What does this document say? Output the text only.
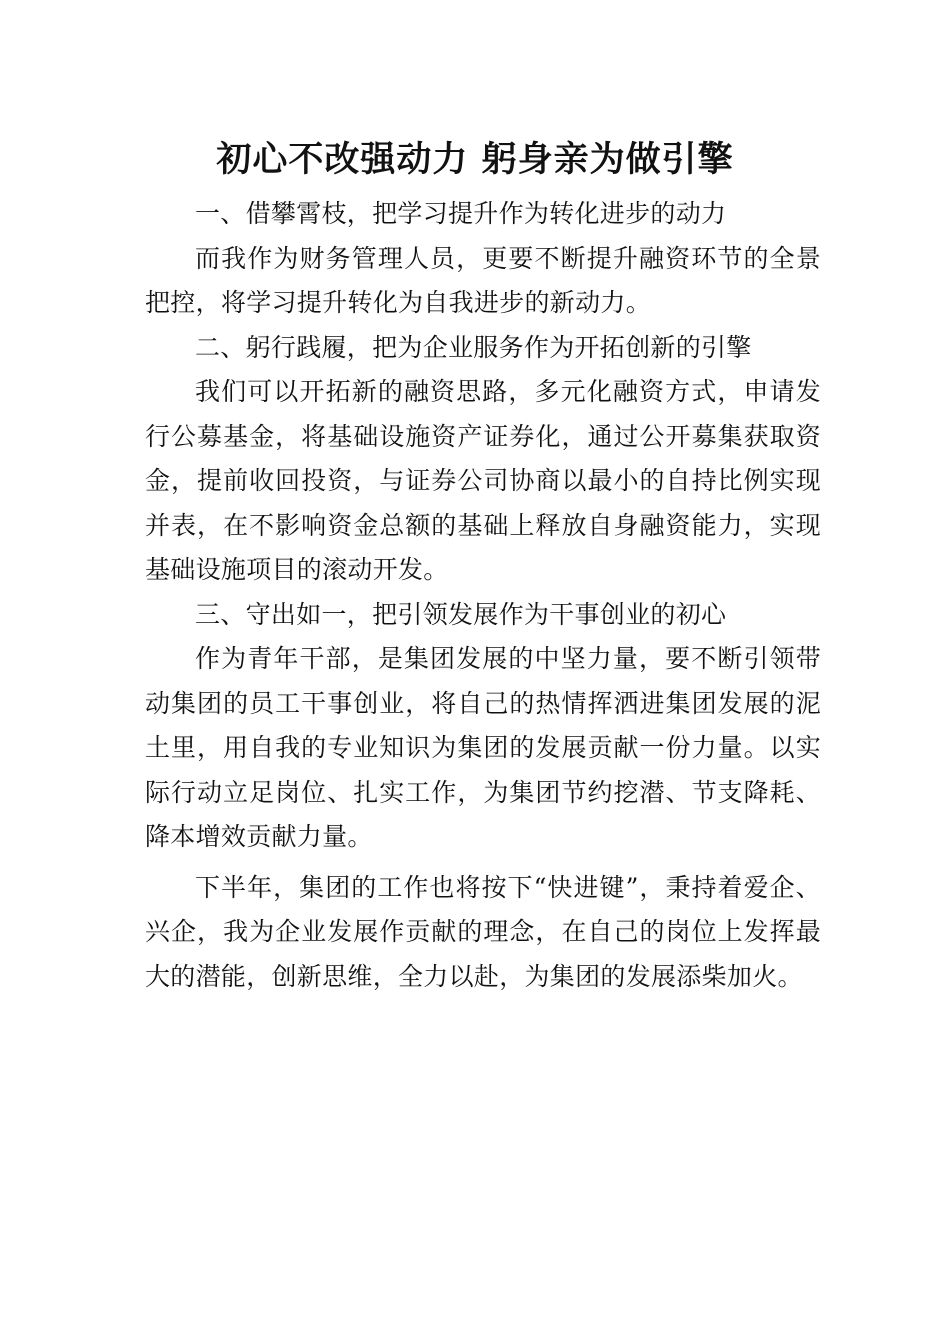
初心不改强动力 躬身亲为做引擎

一、借攀霄枝，把学习提升作为转化进步的动力

而我作为财务管理人员，更要不断提升融资环节的全景把控，将学习提升转化为自我进步的新动力。

二、躬行践履，把为企业服务作为开拓创新的引擎

我们可以开拓新的融资思路，多元化融资方式，申请发行公募基金，将基础设施资产证券化，通过公开募集获取资金，提前收回投资，与证券公司协商以最小的自持比例实现并表，在不影响资金总额的基础上释放自身融资能力，实现基础设施项目的滚动开发。

三、守出如一，把引领发展作为干事创业的初心

作为青年干部，是集团发展的中坚力量，要不断引领带动集团的员工干事创业，将自己的热情挥洒进集团发展的泥土里，用自我的专业知识为集团的发展贡献一份力量。以实际行动立足岗位、扎实工作，为集团节约挖潜、节支降耗、 降本增效贡献力量。

下半年，集团的工作也将按下“快进键”，秉持着爱企、兴企，我为企业发展作贡献的理念，在自己的岗位上发挥最大的潜能，创新思维，全力以赴，为集团的发展添柴加火。
